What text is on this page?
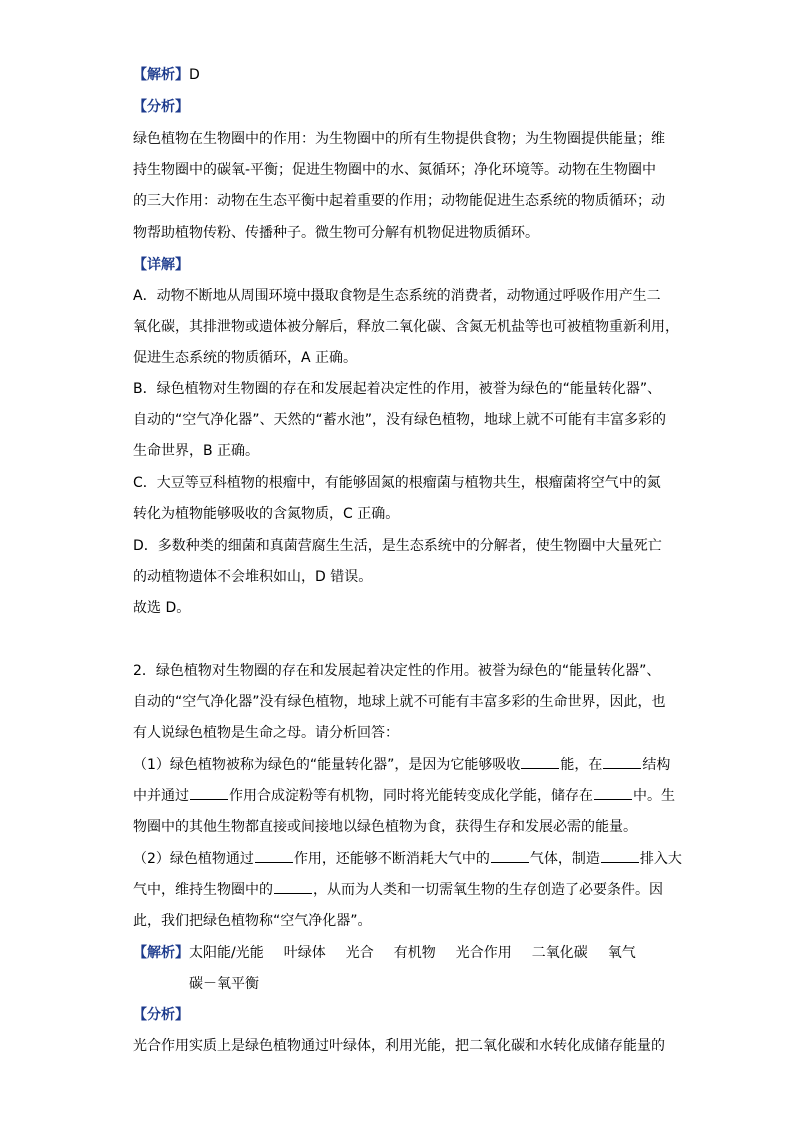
【解析】D
【分析】
绿色植物在生物圈中的作用：为生物圈中的所有生物提供食物；为生物圈提供能量；维
持生物圈中的碳氧-平衡；促进生物圈中的水、氮循环；净化环境等。动物在生物圈中
的三大作用：动物在生态平衡中起着重要的作用；动物能促进生态系统的物质循环；动
物帮助植物传粉、传播种子。微生物可分解有机物促进物质循环。
【详解】
A．动物不断地从周围环境中摄取食物是生态系统的消费者，动物通过呼吸作用产生二
氧化碳，其排泄物或遗体被分解后，释放二氧化碳、含氮无机盐等也可被植物重新利用，
促进生态系统的物质循环，A 正确。
B．绿色植物对生物圈的存在和发展起着决定性的作用，被誉为绿色的“能量转化器”、
自动的“空气净化器”、天然的“蓄水池”，没有绿色植物，地球上就不可能有丰富多彩的
生命世界，B 正确。
C．大豆等豆科植物的根瘤中，有能够固氮的根瘤菌与植物共生，根瘤菌将空气中的氮
转化为植物能够吸收的含氮物质，C 正确。
D．多数种类的细菌和真菌营腐生生活，是生态系统中的分解者，使生物圈中大量死亡
的动植物遗体不会堆积如山，D 错误。
故选 D。
2．绿色植物对生物圈的存在和发展起着决定性的作用。被誉为绿色的“能量转化器”、
自动的“空气净化器”没有绿色植物，地球上就不可能有丰富多彩的生命世界，因此，也
有人说绿色植物是生命之母。请分析回答：
（1）绿色植物被称为绿色的“能量转化器”，是因为它能够吸收	能，在	结构
中并通过	作用合成淀粉等有机物，同时将光能转变成化学能，储存在	中。生
物圈中的其他生物都直接或间接地以绿色植物为食，获得生存和发展必需的能量。
（2）绿色植物通过	作用，还能够不断消耗大气中的	气体，制造	排入大
气中，维持生物圈中的	，从而为人类和一切需氧生物的生存创造了必要条件。因
此，我们把绿色植物称“空气净化器”。
【解析】太阳能/光能 叶绿体 光合 有机物 光合作用 二氧化碳 氧气
碳－氧平衡
【分析】
光合作用实质上是绿色植物通过叶绿体，利用光能，把二氧化碳和水转化成储存能量的
